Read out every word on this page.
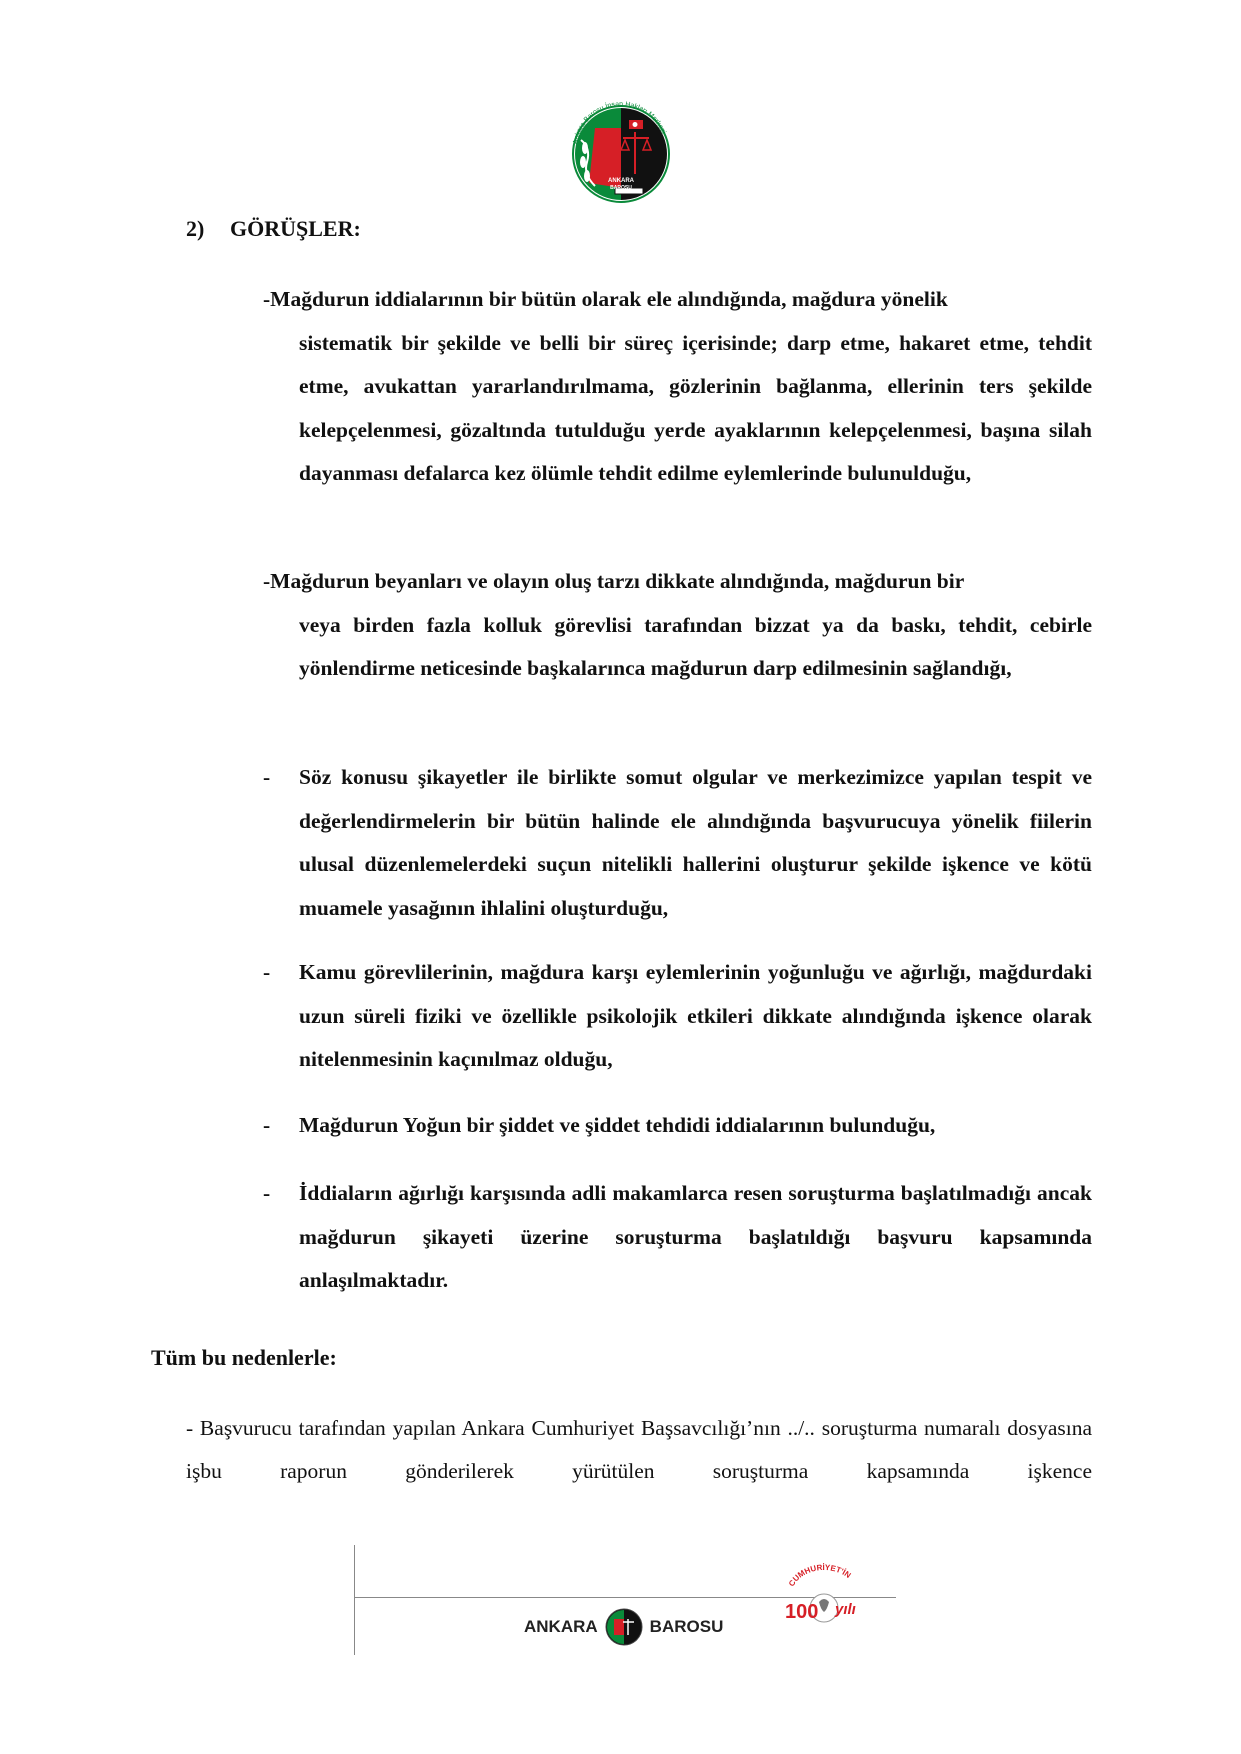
ANKARA
BAROSU
Ankara Barosu İnsan Hakları Merkezi
2) GÖRÜŞLER:
-Mağdurun iddialarının bir bütün olarak ele alındığında, mağdura yönelik
sistematik bir şekilde ve belli bir süreç içerisinde; darp etme, hakaret etme, tehdit etme, avukattan yararlandırılmama, gözlerinin bağlanma, ellerinin ters şekilde kelepçelenmesi, gözaltında tutulduğu yerde ayaklarının kelepçelenmesi, başına silah dayanması defalarca kez ölümle tehdit edilme eylemlerinde bulunulduğu,
-Mağdurun beyanları ve olayın oluş tarzı dikkate alındığında, mağdurun bir
veya birden fazla kolluk görevlisi tarafından bizzat ya da baskı, tehdit, cebirle yönlendirme neticesinde başkalarınca mağdurun darp edilmesinin sağlandığı,
- Söz konusu şikayetler ile birlikte somut olgular ve merkezimizce yapılan tespit ve değerlendirmelerin bir bütün halinde ele alındığında başvurucuya yönelik fiilerin ulusal düzenlemelerdeki suçun nitelikli hallerini oluşturur şekilde işkence ve kötü muamele yasağının ihlalini oluşturduğu,
- Kamu görevlilerinin, mağdura karşı eylemlerinin yoğunluğu ve ağırlığı, mağdurdaki uzun süreli fiziki ve özellikle psikolojik etkileri dikkate alındığında işkence olarak nitelenmesinin kaçınılmaz olduğu,
- Mağdurun Yoğun bir şiddet ve şiddet tehdidi iddialarının bulunduğu,
- İddiaların ağırlığı karşısında adli makamlarca resen soruşturma başlatılmadığı ancak mağdurun şikayeti üzerine soruşturma başlatıldığı başvuru kapsamında anlaşılmaktadır.
Tüm bu nedenlerle:
- Başvurucu tarafından yapılan Ankara Cumhuriyet Başsavcılığı’nın ../.. soruşturma numaralı dosyasına işbu raporun gönderilerek yürütülen soruşturma kapsamında işkence
ANKARA	BAROSU
CUMHURİYET'İN
100 yılı
